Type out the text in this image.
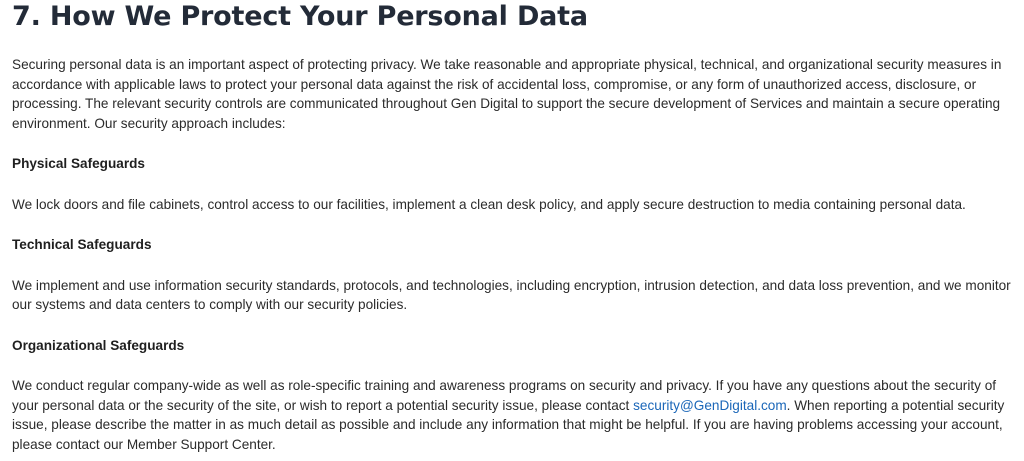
7. How We Protect Your Personal Data

Securing personal data is an important aspect of protecting privacy. We take reasonable and appropriate physical, technical, and organizational security measures in accordance with applicable laws to protect your personal data against the risk of accidental loss, compromise, or any form of unauthorized access, disclosure, or processing. The relevant security controls are communicated throughout Gen Digital to support the secure development of Services and maintain a secure operating environment. Our security approach includes:

Physical Safeguards

We lock doors and file cabinets, control access to our facilities, implement a clean desk policy, and apply secure destruction to media containing personal data.

Technical Safeguards

We implement and use information security standards, protocols, and technologies, including encryption, intrusion detection, and data loss prevention, and we monitor our systems and data centers to comply with our security policies.

Organizational Safeguards

We conduct regular company-wide as well as role-specific training and awareness programs on security and privacy. If you have any questions about the security of your personal data or the security of the site, or wish to report a potential security issue, please contact security@GenDigital.com. When reporting a potential security issue, please describe the matter in as much detail as possible and include any information that might be helpful. If you are having problems accessing your account, please contact our Member Support Center.
